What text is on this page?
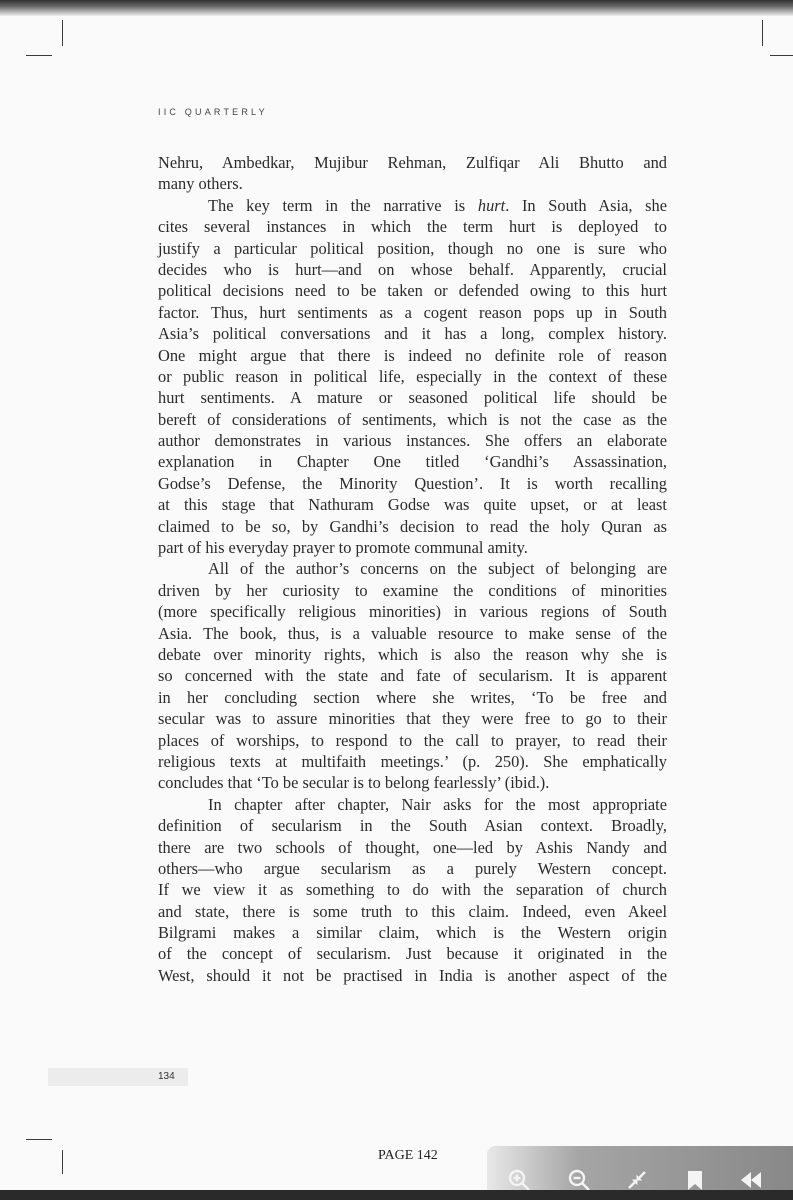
IIC QUARTERLY

Nehru, Ambedkar, Mujibur Rehman, Zulfiqar Ali Bhutto and
many others.
The key term in the narrative is hurt. In South Asia, she
cites several instances in which the term hurt is deployed to
justify a particular political position, though no one is sure who
decides who is hurt—and on whose behalf. Apparently, crucial
political decisions need to be taken or defended owing to this hurt
factor. Thus, hurt sentiments as a cogent reason pops up in South
Asia’s political conversations and it has a long, complex history.
One might argue that there is indeed no definite role of reason
or public reason in political life, especially in the context of these
hurt sentiments. A mature or seasoned political life should be
bereft of considerations of sentiments, which is not the case as the
author demonstrates in various instances. She offers an elaborate
explanation in Chapter One titled ‘Gandhi’s Assassination,
Godse’s Defense, the Minority Question’. It is worth recalling
at this stage that Nathuram Godse was quite upset, or at least
claimed to be so, by Gandhi’s decision to read the holy Quran as
part of his everyday prayer to promote communal amity.
All of the author’s concerns on the subject of belonging are
driven by her curiosity to examine the conditions of minorities
(more specifically religious minorities) in various regions of South
Asia. The book, thus, is a valuable resource to make sense of the
debate over minority rights, which is also the reason why she is
so concerned with the state and fate of secularism. It is apparent
in her concluding section where she writes, ‘To be free and
secular was to assure minorities that they were free to go to their
places of worships, to respond to the call to prayer, to read their
religious texts at multifaith meetings.’ (p. 250). She emphatically
concludes that ‘To be secular is to belong fearlessly’ (ibid.).
In chapter after chapter, Nair asks for the most appropriate
definition of secularism in the South Asian context. Broadly,
there are two schools of thought, one—led by Ashis Nandy and
others—who argue secularism as a purely Western concept.
If we view it as something to do with the separation of church
and state, there is some truth to this claim. Indeed, even Akeel
Bilgrami makes a similar claim, which is the Western origin
of the concept of secularism. Just because it originated in the
West, should it not be practised in India is another aspect of the
134
PAGE 142
